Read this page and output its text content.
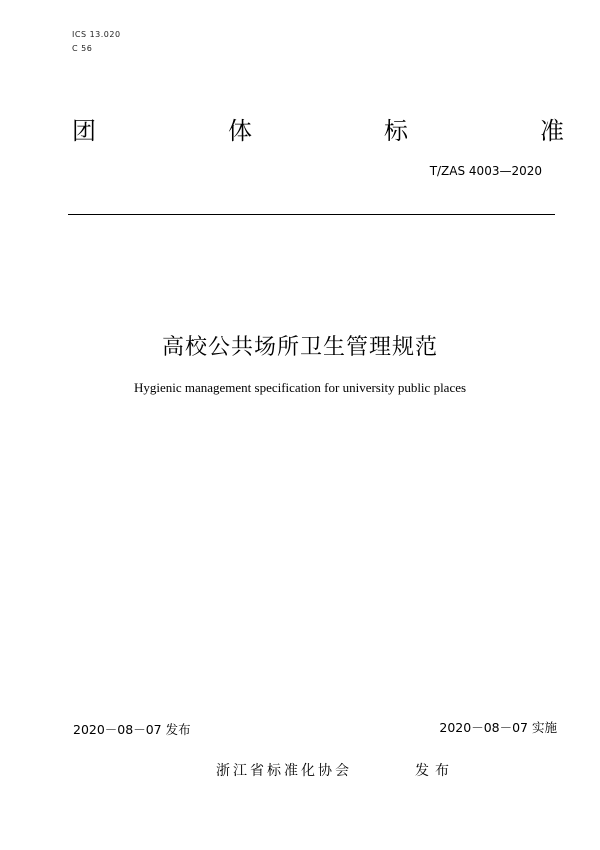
ICS 13.020
C 56
团	体	标	准
T/ZAS 4003—2020
高校公共场所卫生管理规范
Hygienic management specification for university public places
2020－08－07 发布	2020－08－07 实施
浙江省标准化协会	发布
